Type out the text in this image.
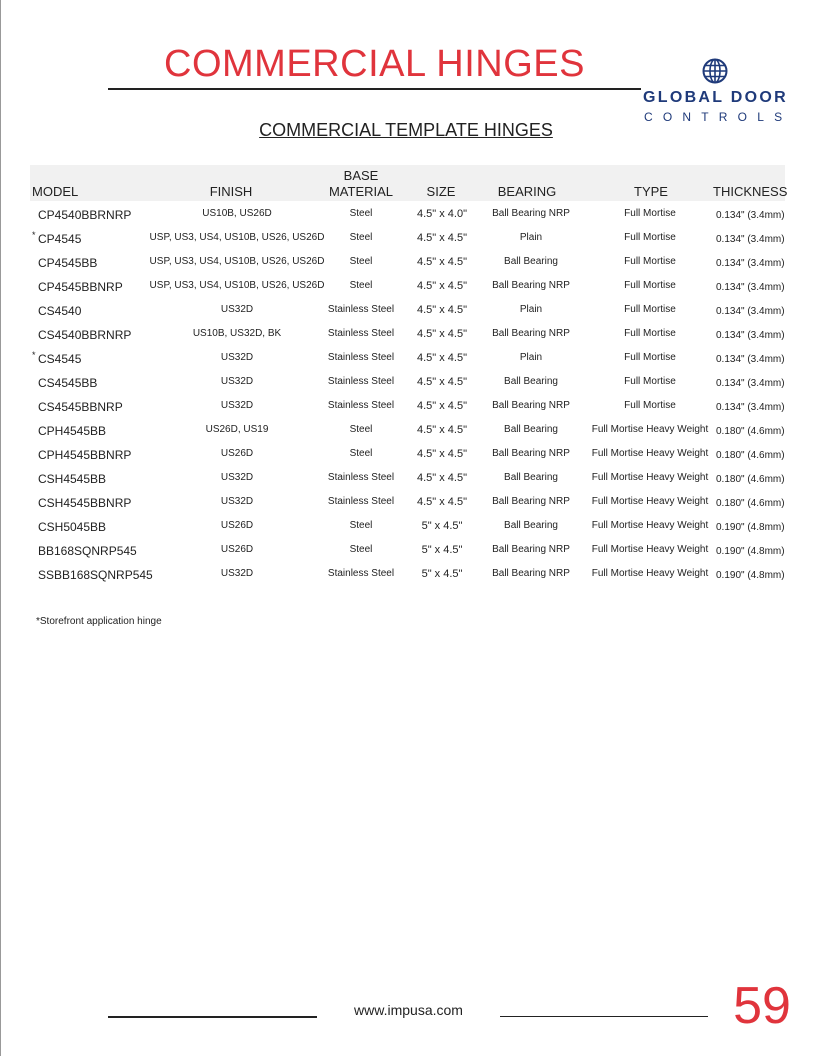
COMMERCIAL HINGES
GLOBAL DOOR
CONTROLS
COMMERCIAL TEMPLATE HINGES
MODEL	FINISH
BASE
MATERIAL	SIZE	BEARING	TYPE	THICKNESS
CP4540BBRNRP	US10B, US26D	Steel	4.5" x 4.0"	Ball Bearing NRP	Full Mortise	0.134" (3.4mm)
* CP4545	USP, US3, US4, US10B, US26, US26D	Steel	4.5" x 4.5"	Plain	Full Mortise	0.134" (3.4mm)
CP4545BB	USP, US3, US4, US10B, US26, US26D	Steel	4.5" x 4.5"	Ball Bearing	Full Mortise	0.134" (3.4mm)
CP4545BBNRP	USP, US3, US4, US10B, US26, US26D	Steel	4.5" x 4.5"	Ball Bearing NRP	Full Mortise	0.134" (3.4mm)
CS4540	US32D	Stainless Steel	4.5" x 4.5"	Plain	Full Mortise	0.134" (3.4mm)
CS4540BBRNRP	US10B, US32D, BK	Stainless Steel	4.5" x 4.5"	Ball Bearing NRP	Full Mortise	0.134" (3.4mm)
* CS4545	US32D	Stainless Steel	4.5" x 4.5"	Plain	Full Mortise	0.134" (3.4mm)
CS4545BB	US32D	Stainless Steel	4.5" x 4.5"	Ball Bearing	Full Mortise	0.134" (3.4mm)
CS4545BBNRP	US32D	Stainless Steel	4.5" x 4.5"	Ball Bearing NRP	Full Mortise	0.134" (3.4mm)
CPH4545BB	US26D, US19	Steel	4.5" x 4.5"	Ball Bearing	Full Mortise Heavy Weight 0.180" (4.6mm)
CPH4545BBNRP	US26D	Steel	4.5" x 4.5"	Ball Bearing NRP	Full Mortise Heavy Weight 0.180" (4.6mm)
CSH4545BB	US32D	Stainless Steel	4.5" x 4.5"	Ball Bearing	Full Mortise Heavy Weight 0.180" (4.6mm)
CSH4545BBNRP	US32D	Stainless Steel	4.5" x 4.5"	Ball Bearing NRP	Full Mortise Heavy Weight 0.180" (4.6mm)
CSH5045BB	US26D	Steel	5" x 4.5"	Ball Bearing	Full Mortise Heavy Weight 0.190" (4.8mm)
BB168SQNRP545	US26D	Steel	5" x 4.5"	Ball Bearing NRP	Full Mortise Heavy Weight 0.190" (4.8mm)
SSBB168SQNRP545	US32D	Stainless Steel	5" x 4.5"	Ball Bearing NRP	Full Mortise Heavy Weight 0.190" (4.8mm)
*Storefront application hinge
www.impusa.com	59
